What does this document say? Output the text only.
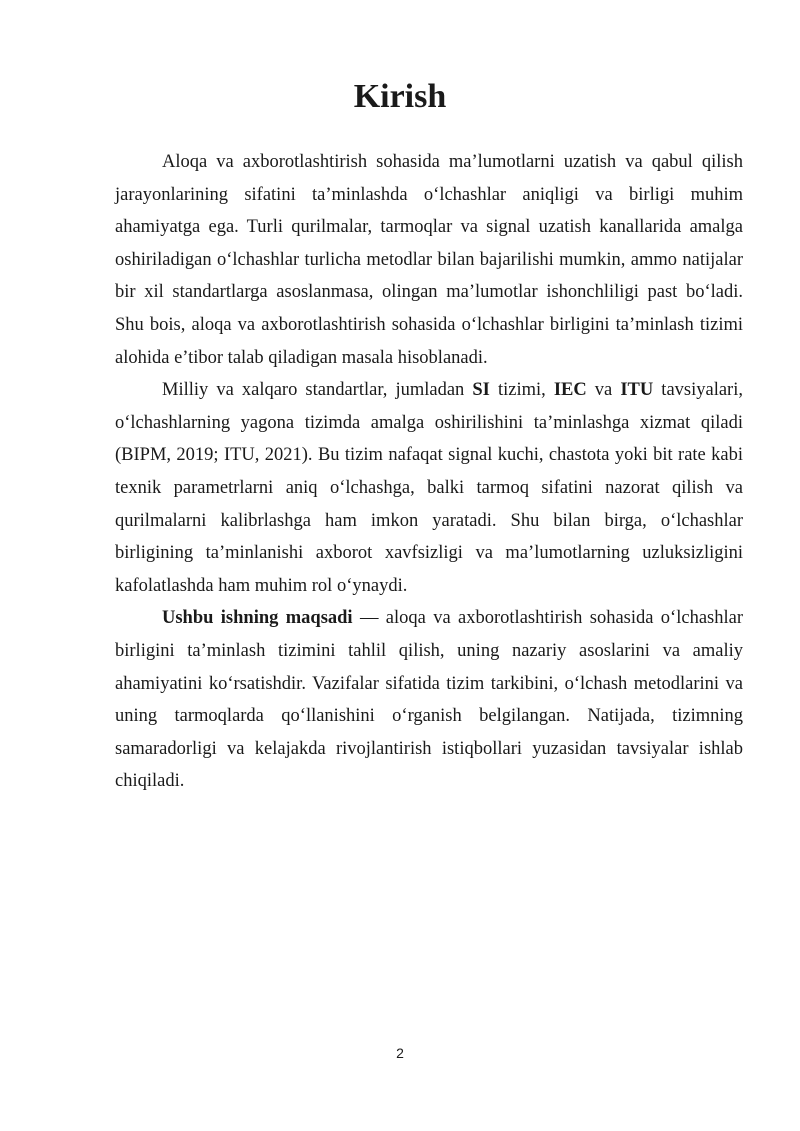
Kirish

Aloqa va axborotlashtirish sohasida ma’lumotlarni uzatish va qabul qilish jarayonlarining sifatini ta’minlashda o‘lchashlar aniqligi va birligi muhim ahamiyatga ega. Turli qurilmalar, tarmoqlar va signal uzatish kanallarida amalga oshiriladigan o‘lchashlar turlicha metodlar bilan bajarilishi mumkin, ammo natijalar bir xil standartlarga asoslanmasa, olingan ma’lumotlar ishonchliligi past bo‘ladi. Shu bois, aloqa va axborotlashtirish sohasida o‘lchashlar birligini ta’minlash tizimi alohida e’tibor talab qiladigan masala hisoblanadi.

Milliy va xalqaro standartlar, jumladan SI tizimi, IEC va ITU tavsiyalari, o‘lchashlarning yagona tizimda amalga oshirilishini ta’minlashga xizmat qiladi (BIPM, 2019; ITU, 2021). Bu tizim nafaqat signal kuchi, chastota yoki bit rate kabi texnik parametrlarni aniq o‘lchashga, balki tarmoq sifatini nazorat qilish va qurilmalarni kalibrlashga ham imkon yaratadi. Shu bilan birga, o‘lchashlar birligining ta’minlanishi axborot xavfsizligi va ma’lumotlarning uzluksizligini kafolatlashda ham muhim rol o‘ynaydi.

Ushbu ishning maqsadi — aloqa va axborotlashtirish sohasida o‘lchashlar birligini ta’minlash tizimini tahlil qilish, uning nazariy asoslarini va amaliy ahamiyatini ko‘rsatishdir. Vazifalar sifatida tizim tarkibini, o‘lchash metodlarini va uning tarmoqlarda qo‘llanishini o‘rganish belgilangan. Natijada, tizimning samaradorligi va kelajakda rivojlantirish istiqbollari yuzasidan tavsiyalar ishlab chiqiladi.

2
